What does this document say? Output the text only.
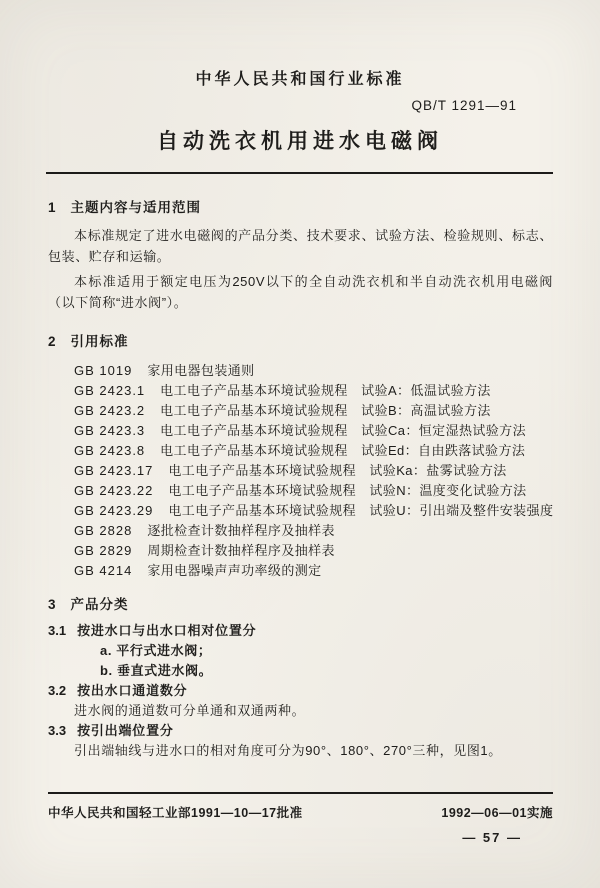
中华人民共和国行业标准
QB/T 1291—91
自动洗衣机用进水电磁阀
1 主题内容与适用范围

本标准规定了进水电磁阀的产品分类、技术要求、试验方法、检验规则、标志、包装、贮存和运输。

本标准适用于额定电压为250V以下的全自动洗衣机和半自动洗衣机用电磁阀（以下简称“进水阀”）。

2 引用标准
GB 1019 家用电器包装通则
GB 2423.1 电工电子产品基本环境试验规程　试验A：低温试验方法
GB 2423.2 电工电子产品基本环境试验规程　试验B：高温试验方法
GB 2423.3 电工电子产品基本环境试验规程　试验Ca：恒定湿热试验方法
GB 2423.8 电工电子产品基本环境试验规程　试验Ed：自由跌落试验方法
GB 2423.17 电工电子产品基本环境试验规程　试验Ka：盐雾试验方法
GB 2423.22 电工电子产品基本环境试验规程　试验N：温度变化试验方法
GB 2423.29 电工电子产品基本环境试验规程　试验U：引出端及整件安装强度
GB 2828 逐批检查计数抽样程序及抽样表
GB 2829 周期检查计数抽样程序及抽样表
GB 4214 家用电器噪声声功率级的测定
3 产品分类
3.1 按进水口与出水口相对位置分
a. 平行式进水阀；
b. 垂直式进水阀。
3.2 按出水口通道数分
进水阀的通道数可分单通和双通两种。
3.3 按引出端位置分
引出端轴线与进水口的相对角度可分为90°、180°、270°三种，见图1。
中华人民共和国轻工业部1991—10—17批准	1992—06—01实施
— 57 —
